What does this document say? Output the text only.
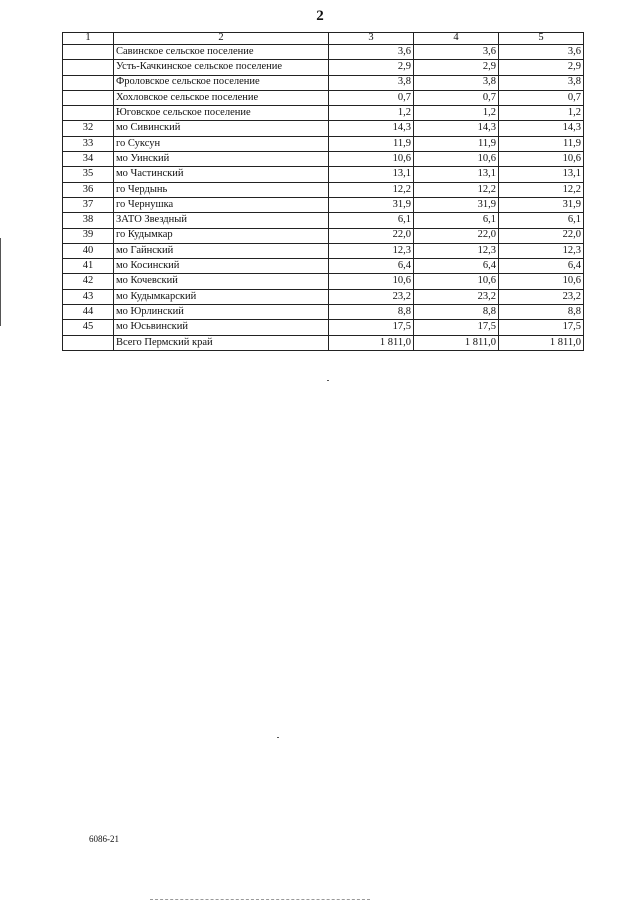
2
1	2	3	4	5
	Савинское сельское поселение	3,6	3,6	3,6
	Усть-Качкинское сельское поселение	2,9	2,9	2,9
	Фроловское сельское поселение	3,8	3,8	3,8
	Хохловское сельское поселение	0,7	0,7	0,7
	Юговское сельское поселение	1,2	1,2	1,2
32	мо Сивинский	14,3	14,3	14,3
33	го Суксун	11,9	11,9	11,9
34	мо Уинский	10,6	10,6	10,6
35	мо Частинский	13,1	13,1	13,1
36	го Чердынь	12,2	12,2	12,2
37	го Чернушка	31,9	31,9	31,9
38	ЗАТО Звездный	6,1	6,1	6,1
39	го Кудымкар	22,0	22,0	22,0
40	мо Гайнский	12,3	12,3	12,3
41	мо Косинский	6,4	6,4	6,4
42	мо Кочевский	10,6	10,6	10,6
43	мо Кудымкарский	23,2	23,2	23,2
44	мо Юрлинский	8,8	8,8	8,8
45	мо Юсьвинский	17,5	17,5	17,5
	Всего Пермский край	1 811,0	1 811,0	1 811,0
6086-21
